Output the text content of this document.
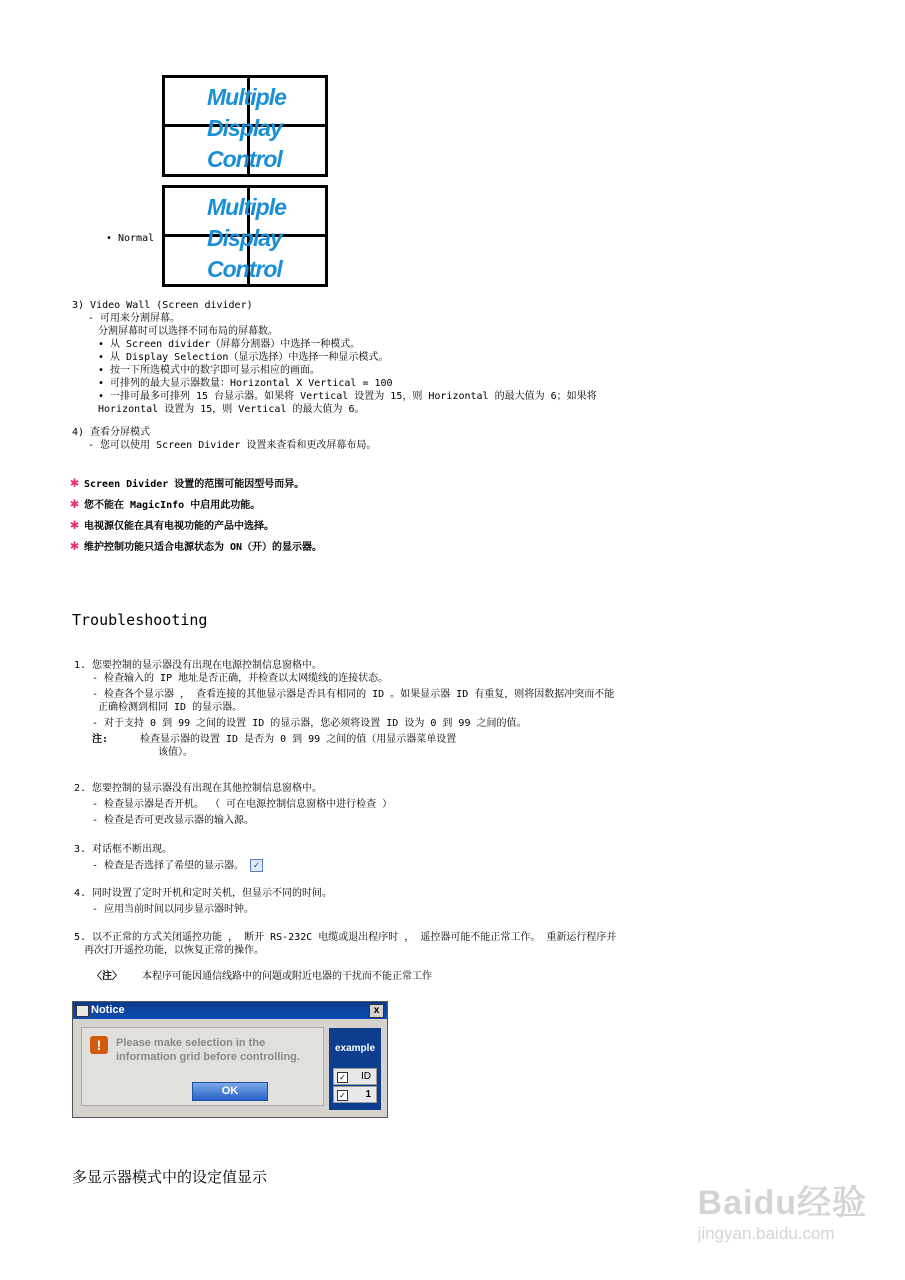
Multiple
Display
Control
• Normal
Multiple
Display
Control
3) Video Wall (Screen divider)
- 可用来分割屏幕。
分割屏幕时可以选择不同布局的屏幕数。
• 从 Screen divider（屏幕分割器）中选择一种模式。
• 从 Display Selection（显示选择）中选择一种显示模式。
• 按一下所选模式中的数字即可显示相应的画面。
• 可排列的最大显示器数量：Horizontal X Vertical = 100
• 一排可最多可排列 15 台显示器。如果将 Vertical 设置为 15，则 Horizontal 的最大值为 6；如果将
Horizontal 设置为 15，则 Vertical 的最大值为 6。
4) 查看分屏模式
- 您可以使用 Screen Divider 设置来查看和更改屏幕布局。
✱ Screen Divider 设置的范围可能因型号而异。
✱ 您不能在 MagicInfo 中启用此功能。
✱ 电视源仅能在具有电视功能的产品中选择。
✱ 维护控制功能只适合电源状态为 ON（开）的显示器。
Troubleshooting
1. 您要控制的显示器没有出现在电源控制信息窗格中。
- 检查输入的 IP 地址是否正确，并检查以太网缆线的连接状态。
- 检查各个显示器 ， 查看连接的其他显示器是否具有相同的 ID 。如果显示器 ID 有重复，则将因数据冲突而不能
正确检测到相同 ID 的显示器。
- 对于支持 0 到 99 之间的设置 ID 的显示器，您必须将设置 ID 设为 0 到 99 之间的值。
注:	检查显示器的设置 ID 是否为 0 到 99 之间的值（用显示器菜单设置
该值）。
2. 您要控制的显示器没有出现在其他控制信息窗格中。
- 检查显示器是否开机。 （ 可在电源控制信息窗格中进行检查 ）
- 检查是否可更改显示器的输入源。
3. 对话框不断出现。
- 检查是否选择了希望的显示器。 ✓
4. 同时设置了定时开机和定时关机，但显示不同的时间。
- 应用当前时间以同步显示器时钟。
5. 以不正常的方式关闭遥控功能 ， 断开 RS-232C 电缆或退出程序时 ， 遥控器可能不能正常工作。 重新运行程序并
再次打开遥控功能，以恢复正常的操作。
〈注〉 本程序可能因通信线路中的问题或附近电器的干扰而不能正常工作
Notice	x
!	Please make selection in the
information grid before controlling.
OK
example
✓ ID
✓ 1
多显示器模式中的设定值显示
Baidu经验
jingyan.baidu.com
